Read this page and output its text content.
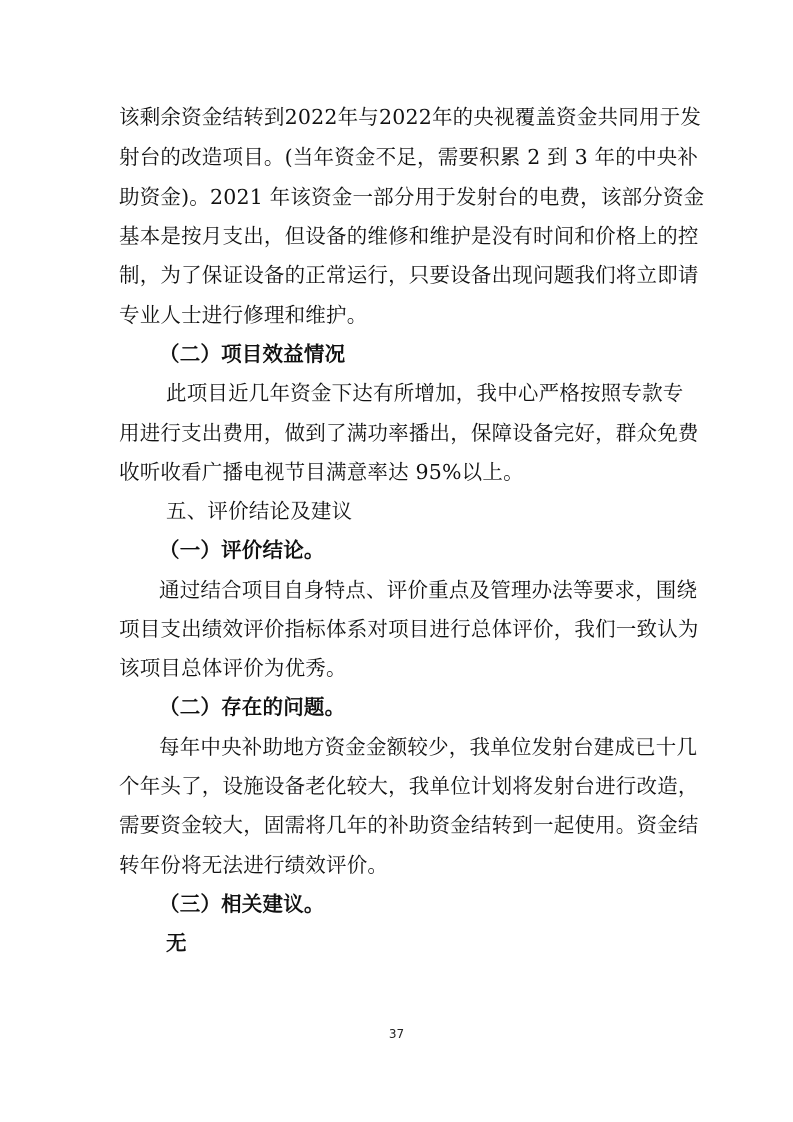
该剩余资金结转到2022年与2022年的央视覆盖资金共同用于发
射台的改造项目。(当年资金不足，需要积累 2 到 3 年的中央补
助资金)。2021 年该资金一部分用于发射台的电费，该部分资金
基本是按月支出，但设备的维修和维护是没有时间和价格上的控
制，为了保证设备的正常运行，只要设备出现问题我们将立即请
专业人士进行修理和维护。
（二）项目效益情况
此项目近几年资金下达有所增加，我中心严格按照专款专
用进行支出费用，做到了满功率播出，保障设备完好，群众免费
收听收看广播电视节目满意率达 95%以上。
五、评价结论及建议
（一）评价结论。
通过结合项目自身特点、评价重点及管理办法等要求，围绕
项目支出绩效评价指标体系对项目进行总体评价，我们一致认为
该项目总体评价为优秀。
（二）存在的问题。
每年中央补助地方资金金额较少，我单位发射台建成已十几
个年头了，设施设备老化较大，我单位计划将发射台进行改造，
需要资金较大，固需将几年的补助资金结转到一起使用。资金结
转年份将无法进行绩效评价。
（三）相关建议。
无
37
